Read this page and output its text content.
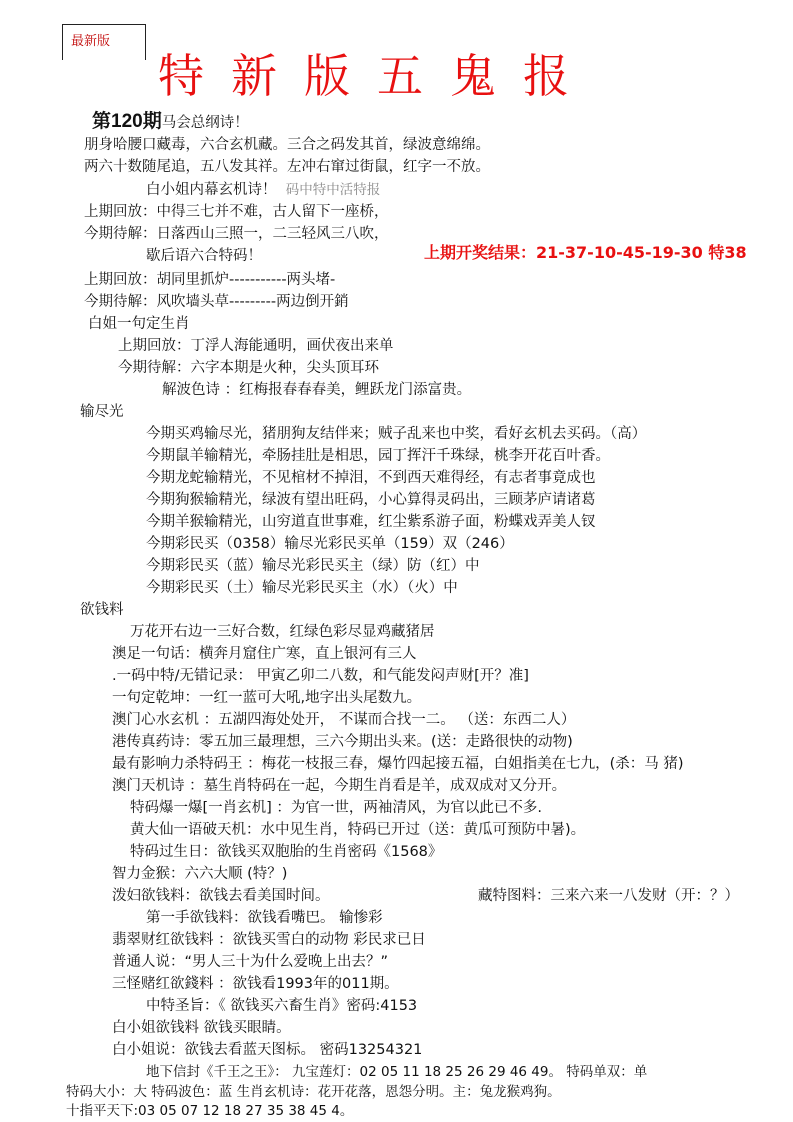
最新版
特新版五鬼报
第120期马会总纲诗！
朋身哈腰口藏毒，六合玄机藏。三合之码发其首，绿波意绵绵。
两六十数随尾追，五八发其祥。左冲右窜过街鼠，红字一不放。
白小姐内幕玄机诗！ 码中特中活特报
上期回放：中得三七并不难，古人留下一座桥，
今期待解：日落西山三照一，二三轻风三八吹，
歇后语六合特码！	上期开奖结果：21-37-10-45-19-30 特38
上期回放：胡同里抓炉-----------两头堵-
今期待解：风吹墙头草---------两边倒开銷
白姐一句定生肖
上期回放：丁浮人海能通明，画伏夜出来单
今期待解：六字本期是火种，尖头顶耳环
解波色诗 ：红梅报春春春美，鲤跃龙门添富贵。
输尽光
今期买鸡输尽光，猪朋狗友结伴来；贼子乱来也中奖，看好玄机去买码。（高）
今期鼠羊输精光，牵肠挂肚是相思，园丁挥汗千珠绿，桃李开花百叶香。
今期龙蛇输精光，不见棺材不掉泪，不到西天难得经，有志者事竟成也
今期狗猴输精光，绿波有望出旺码，小心算得灵码出，三顾茅庐请诸葛
今期羊猴输精光，山穷道直世事难，红尘紫系游子面，粉蝶戏弄美人钗
今期彩民买（0358）输尽光彩民买单（159）双（246）
今期彩民买（蓝）输尽光彩民买主（绿）防（红）中
今期彩民买（土）输尽光彩民买主（水）（火）中
欲钱料
万花开右边一三好合数，红绿色彩尽显鸡藏猪居
澳足一句话：横奔月窟住广寒，直上银河有三人
.一码中特/无错记录： 甲寅乙卯二八数，和气能发闷声财[开？准]
一句定乾坤：一红一蓝可大吼,地字出头尾数九。
澳门心水玄机 ：五湖四海处处开， 不谋而合找一二。 （送：东西二人）
港传真药诗：零五加三最理想，三六今期出头来。(送：走路很快的动物)
最有影响力杀特码王 ：梅花一枝报三春，爆竹四起接五福，白姐指美在七九，(杀：马 猪)
澳门天机诗 ：墓生肖特码在一起，今期生肖看是羊，成双成对又分开。
特码爆一爆[一肖玄机] ：为官一世，两袖清风，为官以此已不多.
黄大仙一语破天机：水中见生肖，特码已开过（送：黄瓜可预防中暑)。
特码过生日：欲钱买双胞胎的生肖密码《1568》
智力金猴：六六大顺 (特？)
泼妇欲钱料：欲钱去看美国时间。	藏特图料：三来六来一八发财（开：？）
第一手欲钱料：欲钱看嘴巴。 输惨彩
翡翠财红欲钱料 ：欲钱买雪白的动物 彩民求已日
普通人说：“男人三十为什么爱晚上出去？”
三怪赌红欲錢料 ：欲钱看1993年的011期。
中特圣旨：《 欲钱买六畜生肖》密码:4153
白小姐欲钱料 欲钱买眼睛。
白小姐说：欲钱去看蓝天图标。 密码13254321
地下信封《千王之王》： 九宝莲灯：02 05 11 18 25 26 29 46 49。 特码单双：单
特码大小：大 特码波色：蓝 生肖玄机诗：花开花落，恩怨分明。主：兔龙猴鸡狗。
十指平天下:03 05 07 12 18 27 35 38 45 4。
